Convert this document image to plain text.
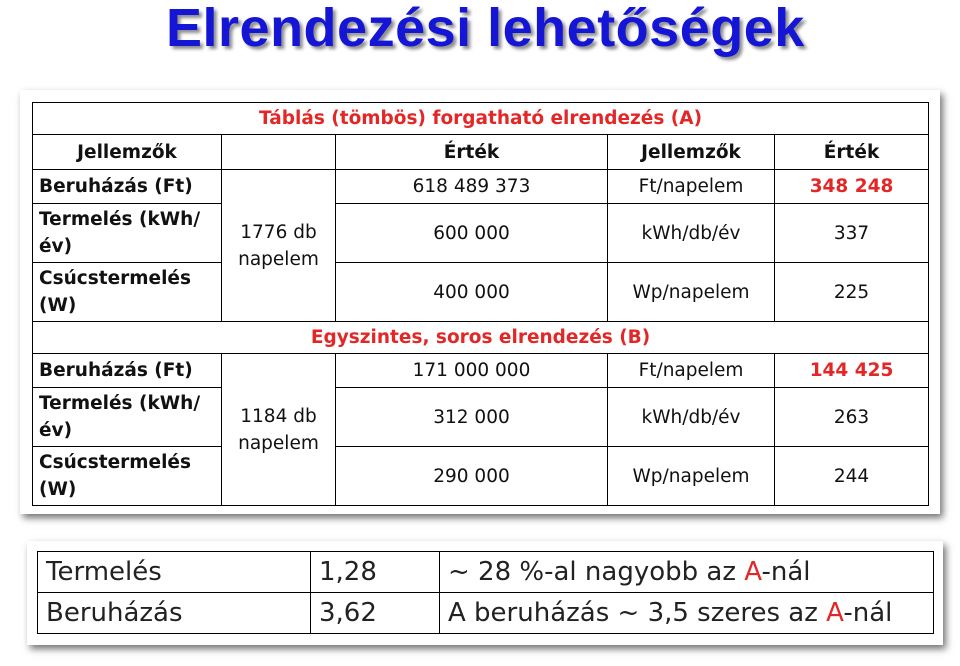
Elrendezési lehetőségek
Táblás (tömbös) forgatható elrendezés (A)				
Jellemzők		Érték	Jellemzők	Érték
Beruházás (Ft)	1776 db napelem	618 489 373	Ft/napelem	348 248
Termelés (kWh/év)		600 000	kWh/db/év	337
Csúcstermelés (W)		400 000	Wp/napelem	225
Egyszintes, soros elrendezés (B)				
Beruházás (Ft)	1184 db napelem	171 000 000	Ft/napelem	144 425
Termelés (kWh/év)		312 000	kWh/db/év	263
Csúcstermelés (W)		290 000	Wp/napelem	244
Termelés	1,28	~ 28 %-al nagyobb az A-nál
Beruházás	3,62	A beruházás ~ 3,5 szeres az A-nál
